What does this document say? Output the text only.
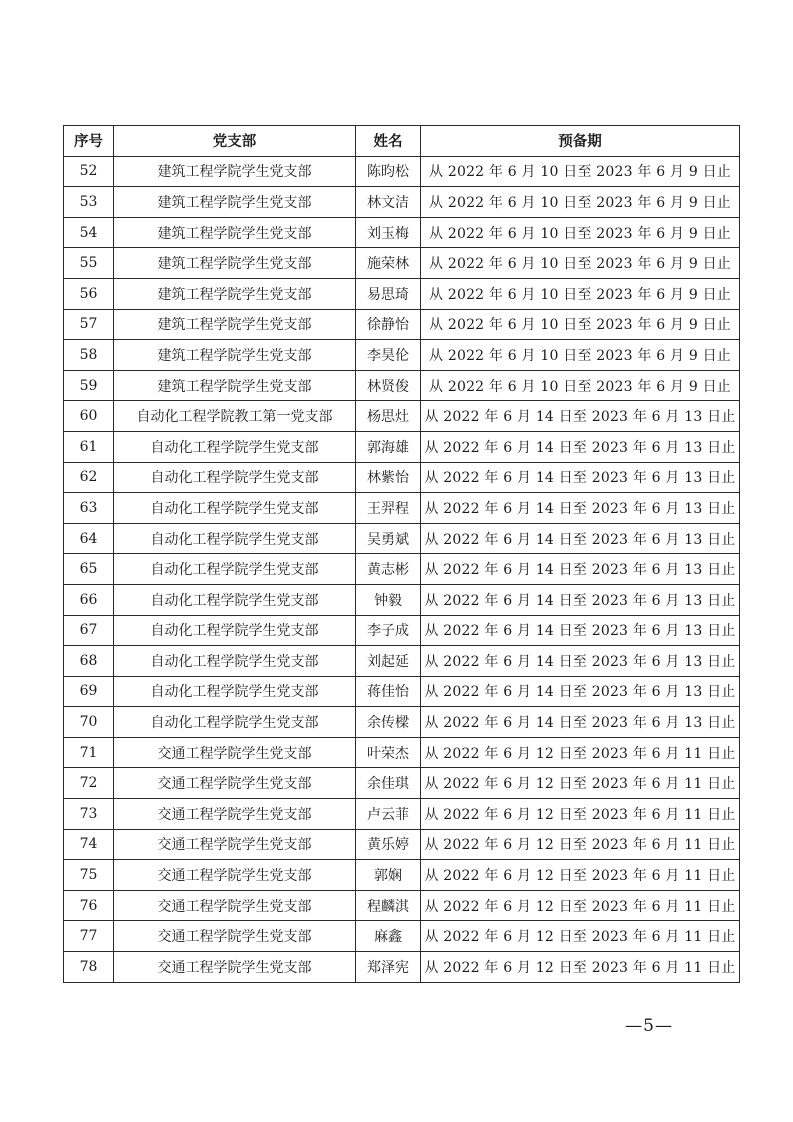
序号	党支部	姓名	预备期
52	建筑工程学院学生党支部	陈昀松	从 2022 年 6 月 10 日至 2023 年 6 月 9 日止
53	建筑工程学院学生党支部	林文洁	从 2022 年 6 月 10 日至 2023 年 6 月 9 日止
54	建筑工程学院学生党支部	刘玉梅	从 2022 年 6 月 10 日至 2023 年 6 月 9 日止
55	建筑工程学院学生党支部	施荣林	从 2022 年 6 月 10 日至 2023 年 6 月 9 日止
56	建筑工程学院学生党支部	易思琦	从 2022 年 6 月 10 日至 2023 年 6 月 9 日止
57	建筑工程学院学生党支部	徐静怡	从 2022 年 6 月 10 日至 2023 年 6 月 9 日止
58	建筑工程学院学生党支部	李昊伦	从 2022 年 6 月 10 日至 2023 年 6 月 9 日止
59	建筑工程学院学生党支部	林贤俊	从 2022 年 6 月 10 日至 2023 年 6 月 9 日止
60	自动化工程学院教工第一党支部	杨思灶	从 2022 年 6 月 14 日至 2023 年 6 月 13 日止
61	自动化工程学院学生党支部	郭海雄	从 2022 年 6 月 14 日至 2023 年 6 月 13 日止
62	自动化工程学院学生党支部	林紫怡	从 2022 年 6 月 14 日至 2023 年 6 月 13 日止
63	自动化工程学院学生党支部	王羿程	从 2022 年 6 月 14 日至 2023 年 6 月 13 日止
64	自动化工程学院学生党支部	吴勇斌	从 2022 年 6 月 14 日至 2023 年 6 月 13 日止
65	自动化工程学院学生党支部	黄志彬	从 2022 年 6 月 14 日至 2023 年 6 月 13 日止
66	自动化工程学院学生党支部	钟毅	从 2022 年 6 月 14 日至 2023 年 6 月 13 日止
67	自动化工程学院学生党支部	李子成	从 2022 年 6 月 14 日至 2023 年 6 月 13 日止
68	自动化工程学院学生党支部	刘起延	从 2022 年 6 月 14 日至 2023 年 6 月 13 日止
69	自动化工程学院学生党支部	蒋佳怡	从 2022 年 6 月 14 日至 2023 年 6 月 13 日止
70	自动化工程学院学生党支部	余传樑	从 2022 年 6 月 14 日至 2023 年 6 月 13 日止
71	交通工程学院学生党支部	叶荣杰	从 2022 年 6 月 12 日至 2023 年 6 月 11 日止
72	交通工程学院学生党支部	余佳琪	从 2022 年 6 月 12 日至 2023 年 6 月 11 日止
73	交通工程学院学生党支部	卢云菲	从 2022 年 6 月 12 日至 2023 年 6 月 11 日止
74	交通工程学院学生党支部	黄乐婷	从 2022 年 6 月 12 日至 2023 年 6 月 11 日止
75	交通工程学院学生党支部	郭娴	从 2022 年 6 月 12 日至 2023 年 6 月 11 日止
76	交通工程学院学生党支部	程麟淇	从 2022 年 6 月 12 日至 2023 年 6 月 11 日止
77	交通工程学院学生党支部	麻鑫	从 2022 年 6 月 12 日至 2023 年 6 月 11 日止
78	交通工程学院学生党支部	郑泽宪	从 2022 年 6 月 12 日至 2023 年 6 月 11 日止
—5—
